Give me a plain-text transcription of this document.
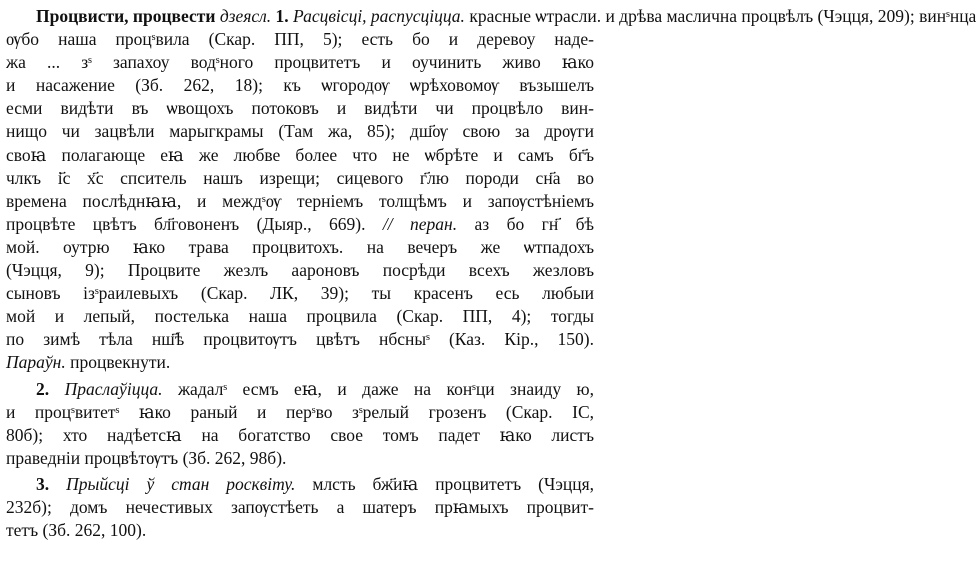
Процвисти, процвести дзеясл. 1. Расцвісці, распусціцца. красные ѡтрасли. и дрѣва маслична процвѣлъ (Чэцця, 209); винˢнца
ѹбо наша процˢвила (Скар. ПП, 5); есть бо и деревоу наде-
жа ... зˢ запахоу водˢного процвитетъ и оучинить живо ꙗко
и насажение (Зб. 262, 18); къ ѡгородѹ ѡрѣховомѹ възышелъ
есми видѣти въ ѡвощохъ потоковъ и видѣти чи процвѣло вин-
нищо чи зацвѣли марыгкрамы (Там жа, 85); дш҃ѹ свою за дрѹги
своꙗ полагающе еꙗ же любве более что не ѡбрѣте и самъ бг҃ъ
члкъ і҃с х҃с спситель нашъ изрещи; сицевого г҃лю породи сн҃а во
времена послѣднꙗꙗ, и междˢѹ терніемъ толщѣмъ и запѹстѣніемъ
процвѣте цвѣтъ бл҃говоненъ (Дыяр., 669). // перан. аз бо гн҃ бѣ
мой. оутрю ꙗко трава процвитохъ. на вечеръ же ѡтпадохъ
(Чэцця, 9); Процвите жезлъ аароновъ посрѣди всехъ жезловъ
сыновъ ізˢраилевыхъ (Скар. ЛК, 39); ты красенъ есь любыи
мой и лепый, постелька наша процвила (Скар. ПП, 4); тогды
по зимѣ тѣла нш҃ѣ процвитѹтъ цвѣтъ нбсныˢ (Каз. Кір., 150).
Параўн. процвекнути.
2. Праслаўіцца. жадалˢ есмъ еꙗ, и даже на конˢци знаиду ю,
и процˢвитетˢ ꙗко раный и перˢво зˢрелый грозенъ (Скар. ІС,
80б); хто надѣетсꙗ на богатство свое томъ падет ꙗко листъ
праведніи процвѣтѹтъ (Зб. 262, 98б).
3. Прыйсці ў стан росквіту. млсть бж҃иꙗ процвитетъ (Чэцця,
232б); домъ нечестивых запѹстѣеть а шатеръ прꙗмыхъ процвит-
тетъ (Зб. 262, 100).
